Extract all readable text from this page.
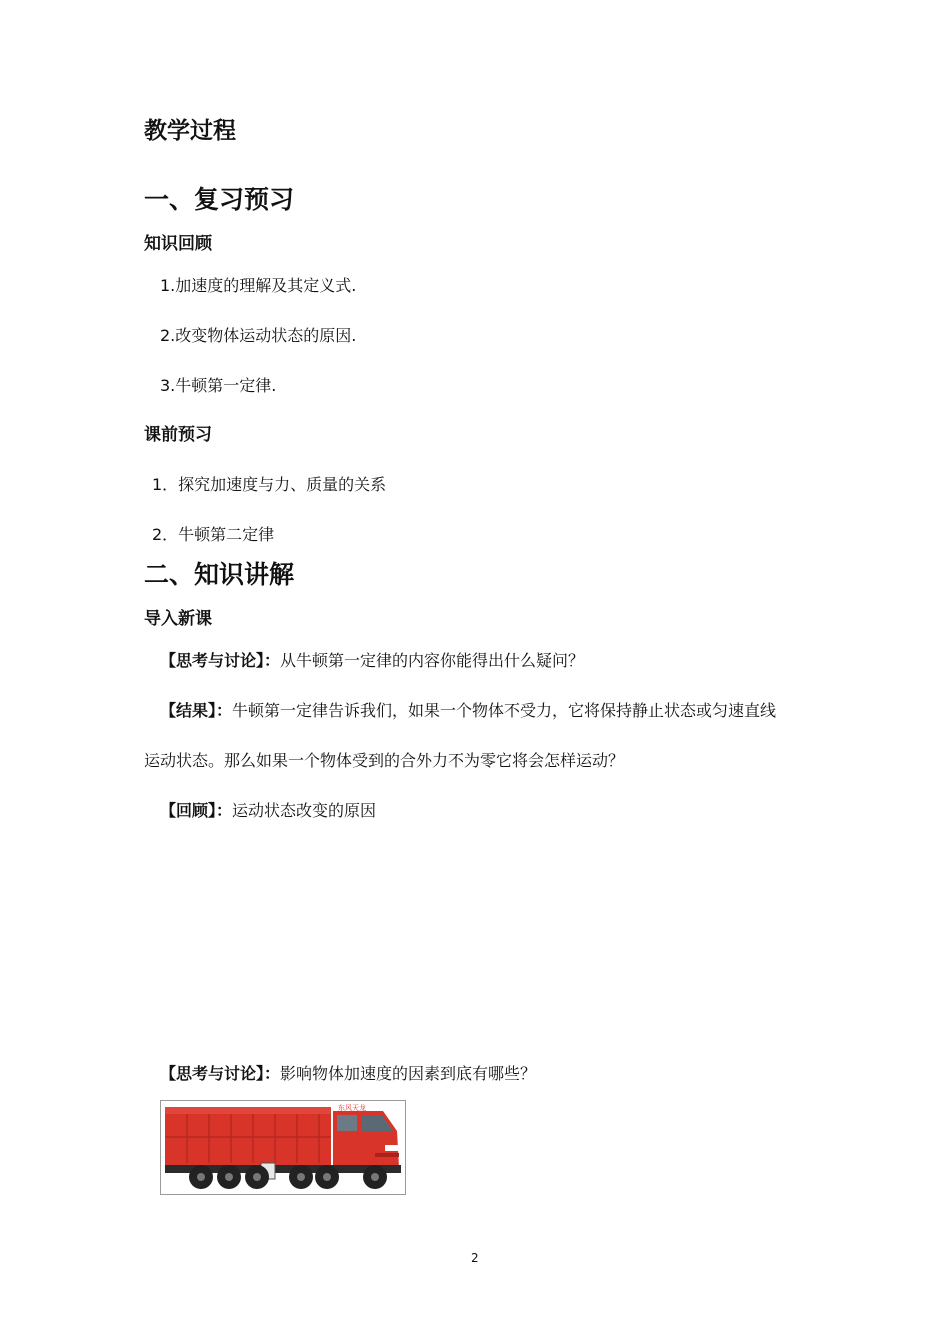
教学过程
一、复习预习
知识回顾
1.加速度的理解及其定义式.
2.改变物体运动状态的原因.
3.牛顿第一定律.
课前预习
1．探究加速度与力、质量的关系
2．牛顿第二定律
二、知识讲解
导入新课
【思考与讨论】：从牛顿第一定律的内容你能得出什么疑问？
【结果】：牛顿第一定律告诉我们，如果一个物体不受力，它将保持静止状态或匀速直线
运动状态。那么如果一个物体受到的合外力不为零它将会怎样运动？
【回顾】：运动状态改变的原因
【思考与讨论】：影响物体加速度的因素到底有哪些？
东风天龙
2
